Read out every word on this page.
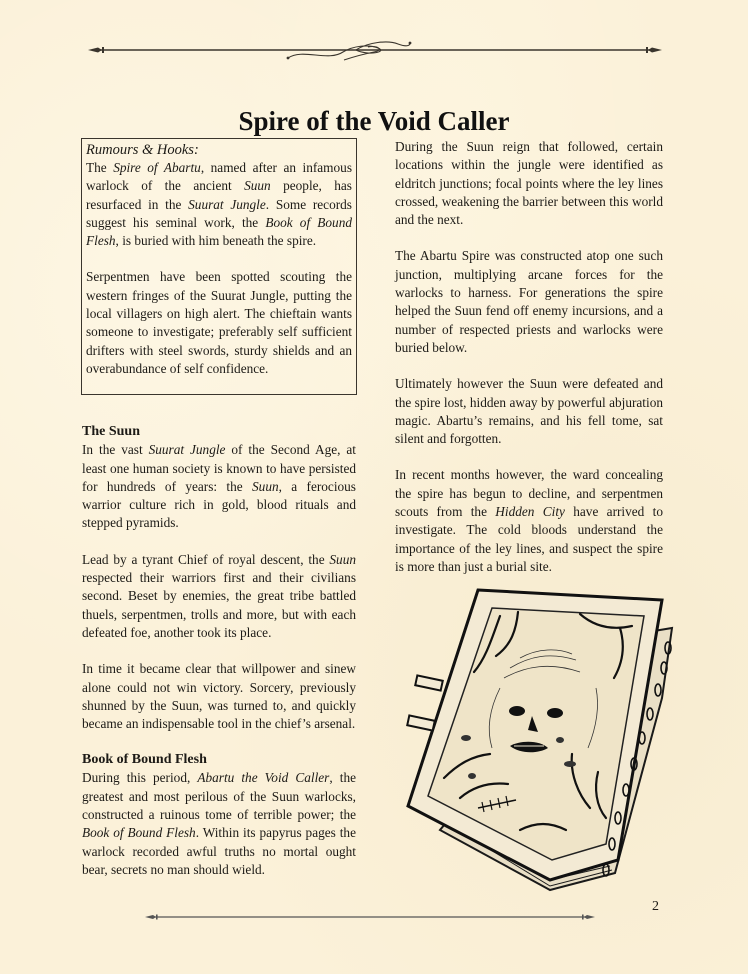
Spire of the Void Caller
Rumours & Hooks:

The Spire of Abartu, named after an infamous warlock of the ancient Suun people, has resurfaced in the Suurat Jungle. Some records suggest his seminal work, the Book of Bound Flesh, is buried with him beneath the spire.

Serpentmen have been spotted scouting the western fringes of the Suurat Jungle, putting the local villagers on high alert. The chieftain wants someone to investigate; preferably self sufficient drifters with steel swords, sturdy shields and an overabundance of self confidence.

The Suun

In the vast Suurat Jungle of the Second Age, at least one human society is known to have persisted for hundreds of years: the Suun, a ferocious warrior culture rich in gold, blood rituals and stepped pyramids.

Lead by a tyrant Chief of royal descent, the Suun respected their warriors first and their civilians second. Beset by enemies, the great tribe battled thuels, serpentmen, trolls and more, but with each defeated foe, another took its place.

In time it became clear that willpower and sinew alone could not win victory. Sorcery, previously shunned by the Suun, was turned to, and quickly became an indispensable tool in the chief’s arsenal.

Book of Bound Flesh

During this period, Abartu the Void Caller, the greatest and most perilous of the Suun warlocks, constructed a ruinous tome of terrible power; the Book of Bound Flesh. Within its papyrus pages the warlock recorded awful truths no mortal ought bear, secrets no man should wield.

During the Suun reign that followed, certain locations within the jungle were identified as eldritch junctions; focal points where the ley lines crossed, weakening the barrier between this world and the next.

The Abartu Spire was constructed atop one such junction, multiplying arcane forces for the warlocks to harness. For generations the spire helped the Suun fend off enemy incursions, and a number of respected priests and warlocks were buried below.

Ultimately however the Suun were defeated and the spire lost, hidden away by powerful abjuration magic. Abartu’s remains, and his fell tome, sat silent and forgotten.

In recent months however, the ward concealing the spire has begun to decline, and serpentmen scouts from the Hidden City have arrived to investigate. The cold bloods understand the importance of the ley lines, and suspect the spire is more than just a burial site.

2
